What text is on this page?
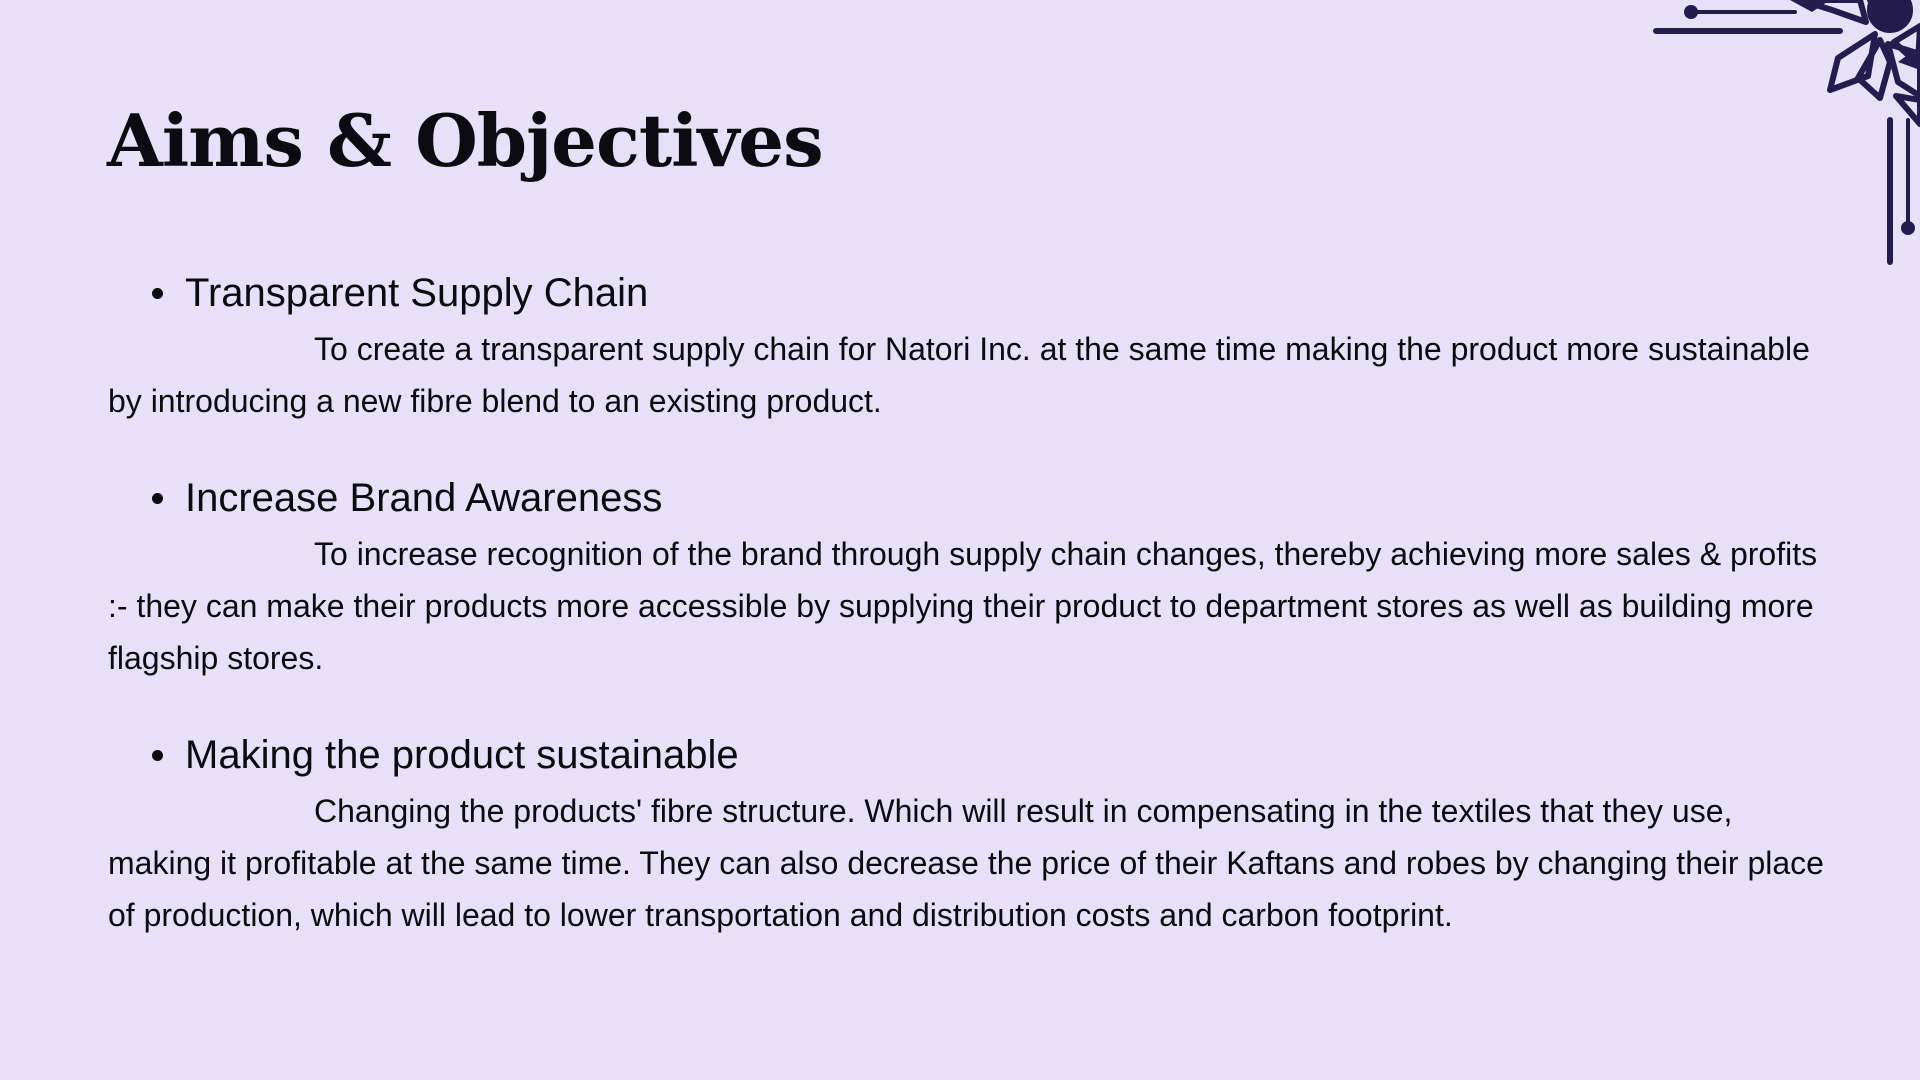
Aims & Objectives
Transparent Supply Chain

To create a transparent supply chain for Natori Inc. at the same time making the product more sustainable by introducing a new fibre blend to an existing product.

Increase Brand Awareness

To increase recognition of the brand through supply chain changes, thereby achieving more sales & profits :- they can make their products more accessible by supplying their product to department stores as well as building more flagship stores.

Making the product sustainable

Changing the products' fibre structure. Which will result in compensating in the textiles that they use, making it profitable at the same time. They can also decrease the price of their Kaftans and robes by changing their place of production, which will lead to lower transportation and distribution costs and carbon footprint.
